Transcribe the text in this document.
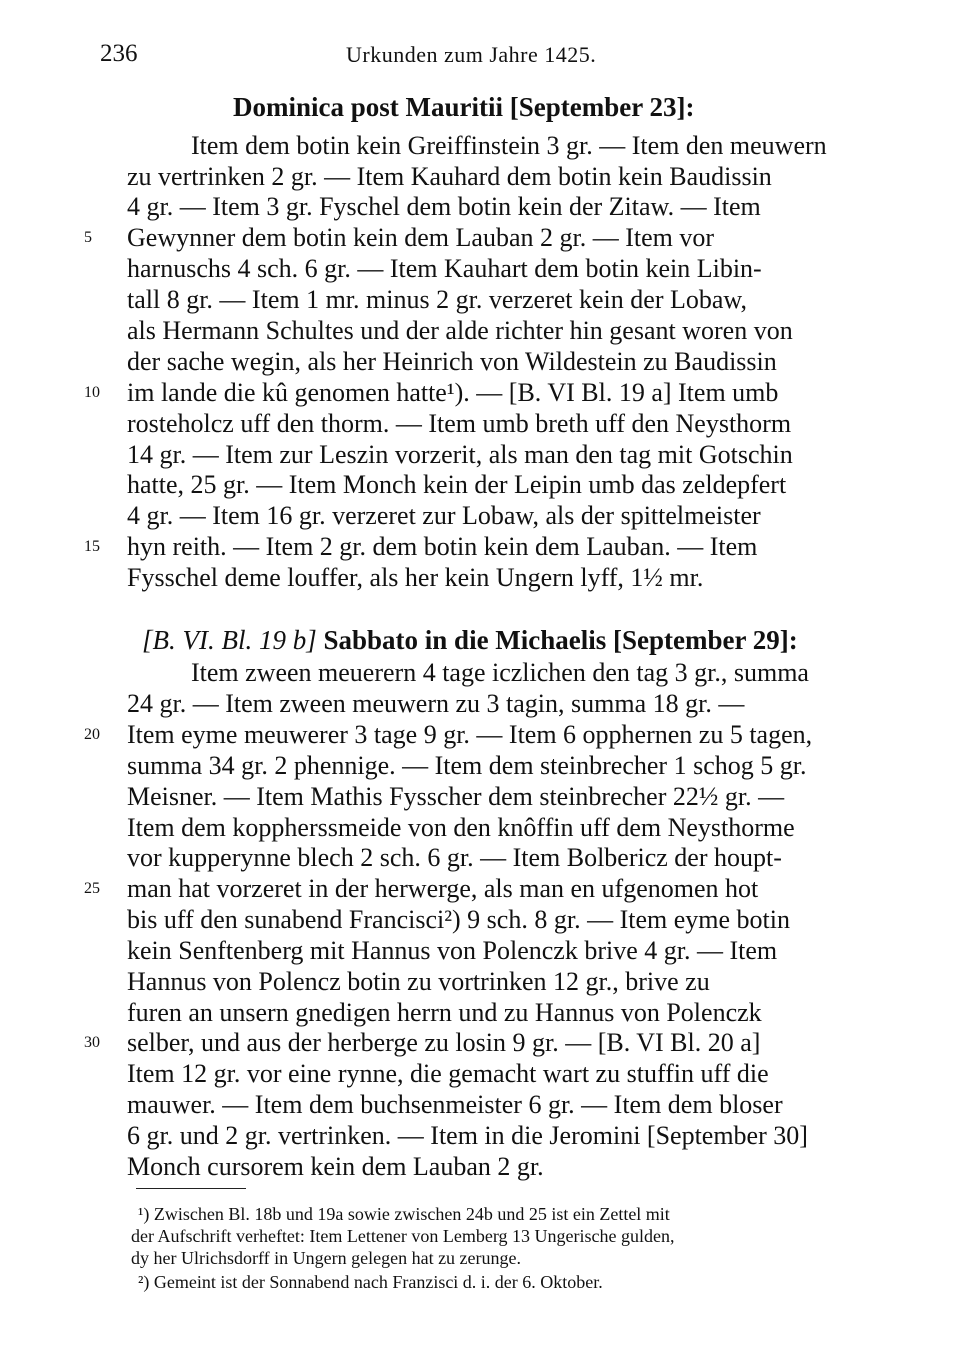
236	Urkunden zum Jahre 1425.
Dominica post Mauritii [September 23]:
Item dem botin kein Greiffinstein 3 gr. — Item den meuwern
zu vertrinken 2 gr. — Item Kauhard dem botin kein Baudissin
4 gr. — Item 3 gr. Fyschel dem botin kein der Zitaw. — Item
Gewynner dem botin kein dem Lauban 2 gr. — Item vor
harnuschs 4 sch. 6 gr. — Item Kauhart dem botin kein Libin-
tall 8 gr. — Item 1 mr. minus 2 gr. verzeret kein der Lobaw,
als Hermann Schultes und der alde richter hin gesant woren von
der sache wegin, als her Heinrich von Wildestein zu Baudissin
im lande die kû genomen hatte¹). — [B. VI Bl. 19 a] Item umb
rosteholcz uff den thorm. — Item umb breth uff den Neysthorm
14 gr. — Item zur Leszin vorzerit, als man den tag mit Gotschin
hatte, 25 gr. — Item Monch kein der Leipin umb das zeldepfert
4 gr. — Item 16 gr. verzeret zur Lobaw, als der spittelmeister
hyn reith. — Item 2 gr. dem botin kein dem Lauban. — Item
Fysschel deme louffer, als her kein Ungern lyff, 1½ mr.
[B. VI. Bl. 19 b] Sabbato in die Michaelis [September 29]:
Item zween meuerern 4 tage iczlichen den tag 3 gr., summa
24 gr. — Item zween meuwern zu 3 tagin, summa 18 gr. —
Item eyme meuwerer 3 tage 9 gr. — Item 6 opphernen zu 5 tagen,
summa 34 gr. 2 phennige. — Item dem steinbrecher 1 schog 5 gr.
Meisner. — Item Mathis Fysscher dem steinbrecher 22½ gr. —
Item dem koppherssmeide von den knôffin uff dem Neysthorme
vor kupperynne blech 2 sch. 6 gr. — Item Bolbericz der houpt-
man hat vorzeret in der herwerge, als man en ufgenomen hot
bis uff den sunabend Francisci²) 9 sch. 8 gr. — Item eyme botin
kein Senftenberg mit Hannus von Polenczk brive 4 gr. — Item
Hannus von Polencz botin zu vortrinken 12 gr., brive zu
furen an unsern gnedigen herrn und zu Hannus von Polenczk
selber, und aus der herberge zu losin 9 gr. — [B. VI Bl. 20 a]
Item 12 gr. vor eine rynne, die gemacht wart zu stuffin uff die
mauwer. — Item dem buchsenmeister 6 gr. — Item dem bloser
6 gr. und 2 gr. vertrinken. — Item in die Jeromini [September 30]
Monch cursorem kein dem Lauban 2 gr.
5
10
15
20
25
30
¹) Zwischen Bl. 18b und 19a sowie zwischen 24b und 25 ist ein Zettel mit
der Aufschrift verheftet: Item Lettener von Lemberg 13 Ungerische gulden,
dy her Ulrichsdorff in Ungern gelegen hat zu zerunge.
²) Gemeint ist der Sonnabend nach Franzisci d. i. der 6. Oktober.
